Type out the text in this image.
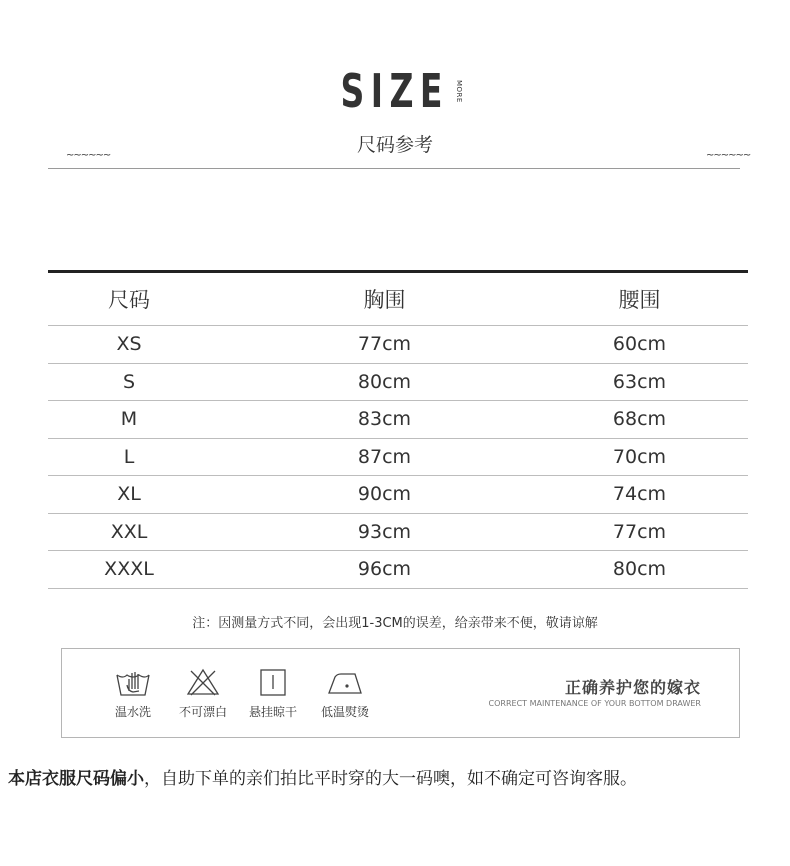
SIZE MORE
尺码参考
~~~~~~	~~~~~~
尺码	胸围	腰围
XS	77cm	60cm
S	80cm	63cm
M	83cm	68cm
L	87cm	70cm
XL	90cm	74cm
XXL	93cm	77cm
XXXL	96cm	80cm
注：因测量方式不同，会出现1-3CM的误差，给亲带来不便，敬请谅解
温水洗	不可漂白	悬挂晾干	低温熨烫
正确养护您的嫁衣
CORRECT MAINTENANCE OF YOUR BOTTOM DRAWER
本店衣服尺码偏小，自助下单的亲们拍比平时穿的大一码噢，如不确定可咨询客服。
